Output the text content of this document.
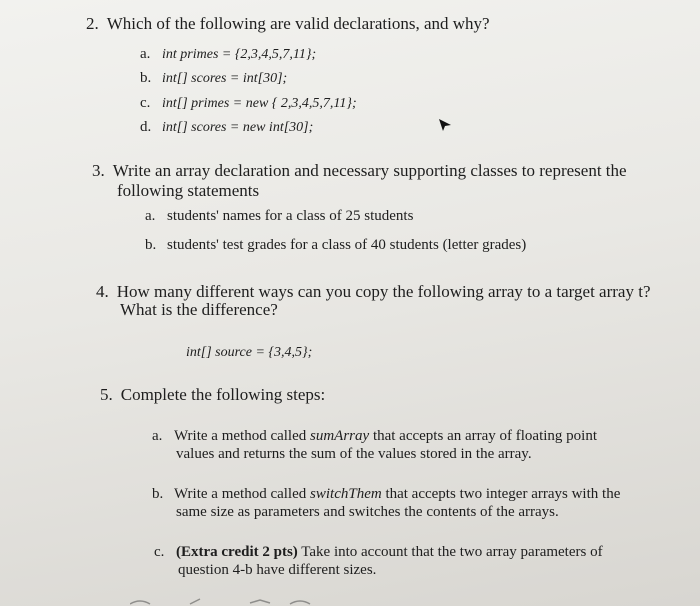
2. Which of the following are valid declarations, and why?
a. int primes = {2,3,4,5,7,11};
b. int[] scores = int[30];
c. int[] primes = new { 2,3,4,5,7,11};
d. int[] scores = new int[30];
3. Write an array declaration and necessary supporting classes to represent the
following statements
a. students' names for a class of 25 students
b. students' test grades for a class of 40 students (letter grades)
4. How many different ways can you copy the following array to a target array t?
What is the difference?
int[] source = {3,4,5};
5. Complete the following steps:
a. Write a method called sumArray that accepts an array of floating point
values and returns the sum of the values stored in the array.
b. Write a method called switchThem that accepts two integer arrays with the
same size as parameters and switches the contents of the arrays.
c. (Extra credit 2 pts) Take into account that the two array parameters of
question 4-b have different sizes.
